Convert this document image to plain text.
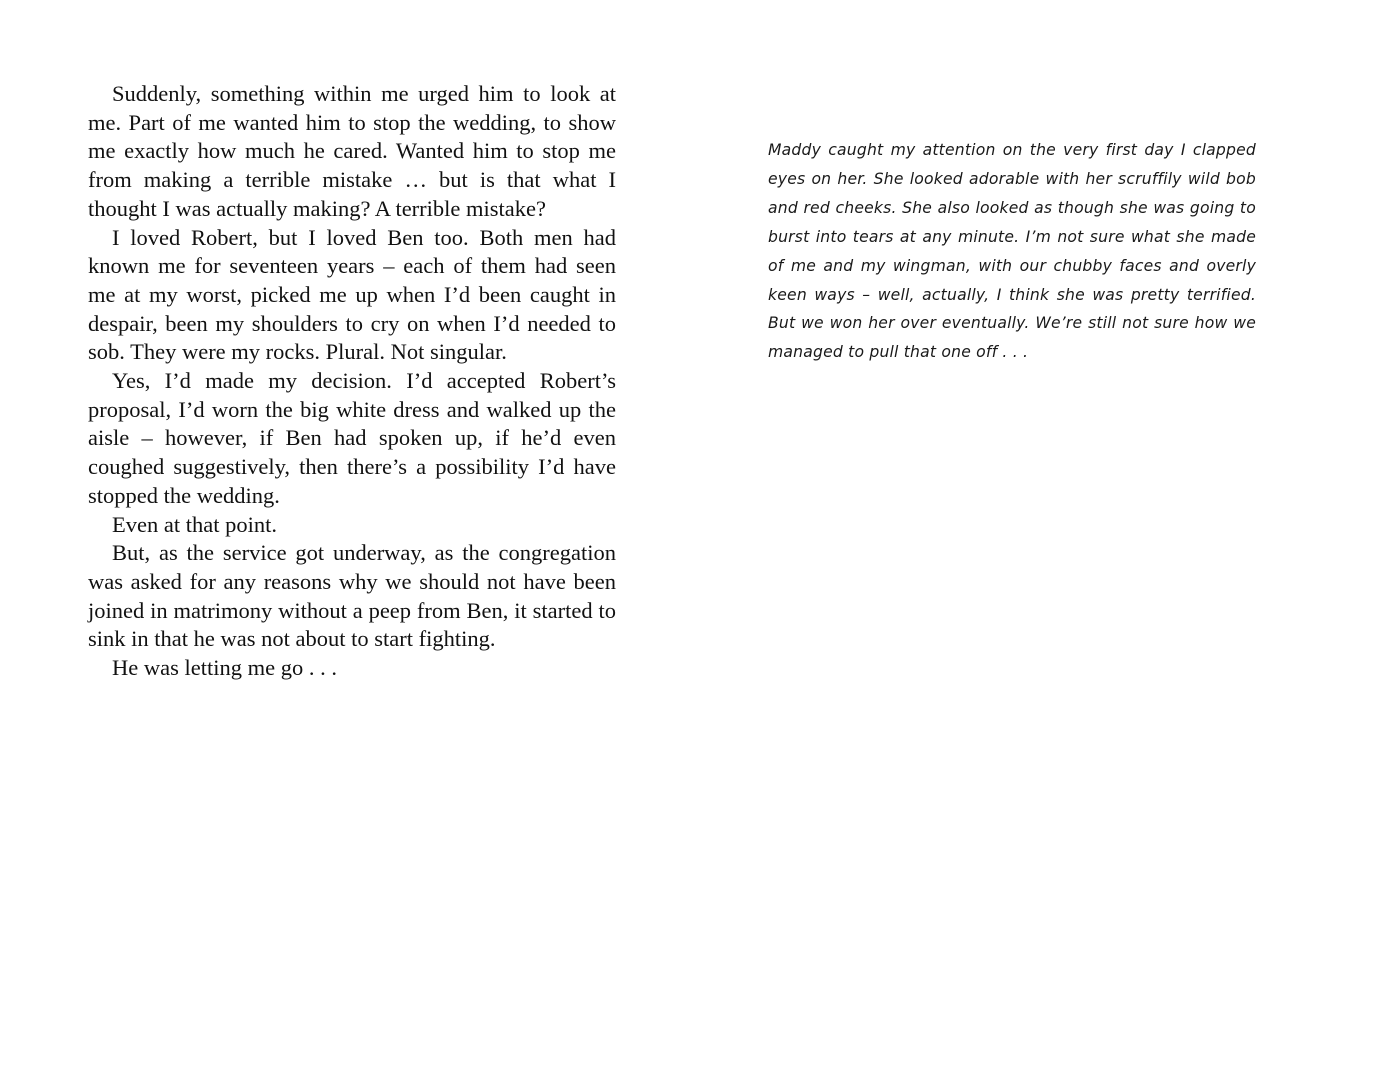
Suddenly, something within me urged him to look at me. Part of me wanted him to stop the wedding, to show me exactly how much he cared. Wanted him to stop me from making a terrible mistake … but is that what I thought I was actually making? A terrible mistake?

I loved Robert, but I loved Ben too. Both men had known me for seventeen years – each of them had seen me at my worst, picked me up when I’d been caught in despair, been my shoulders to cry on when I’d needed to sob. They were my rocks. Plural. Not singular.

Yes, I’d made my decision. I’d accepted Robert’s proposal, I’d worn the big white dress and walked up the aisle – however, if Ben had spoken up, if he’d even coughed suggestively, then there’s a possibility I’d have stopped the wedding.

Even at that point.

But, as the service got underway, as the congregation was asked for any reasons why we should not have been joined in matrimony without a peep from Ben, it started to sink in that he was not about to start fighting.

He was letting me go . . .

Maddy caught my attention on the very first day I clapped eyes on her. She looked adorable with her scruffily wild bob and red cheeks. She also looked as though she was going to burst into tears at any minute. I’m not sure what she made of me and my wingman, with our chubby faces and overly keen ways – well, actually, I think she was pretty terrified. But we won her over eventually. We’re still not sure how we managed to pull that one off . . .
